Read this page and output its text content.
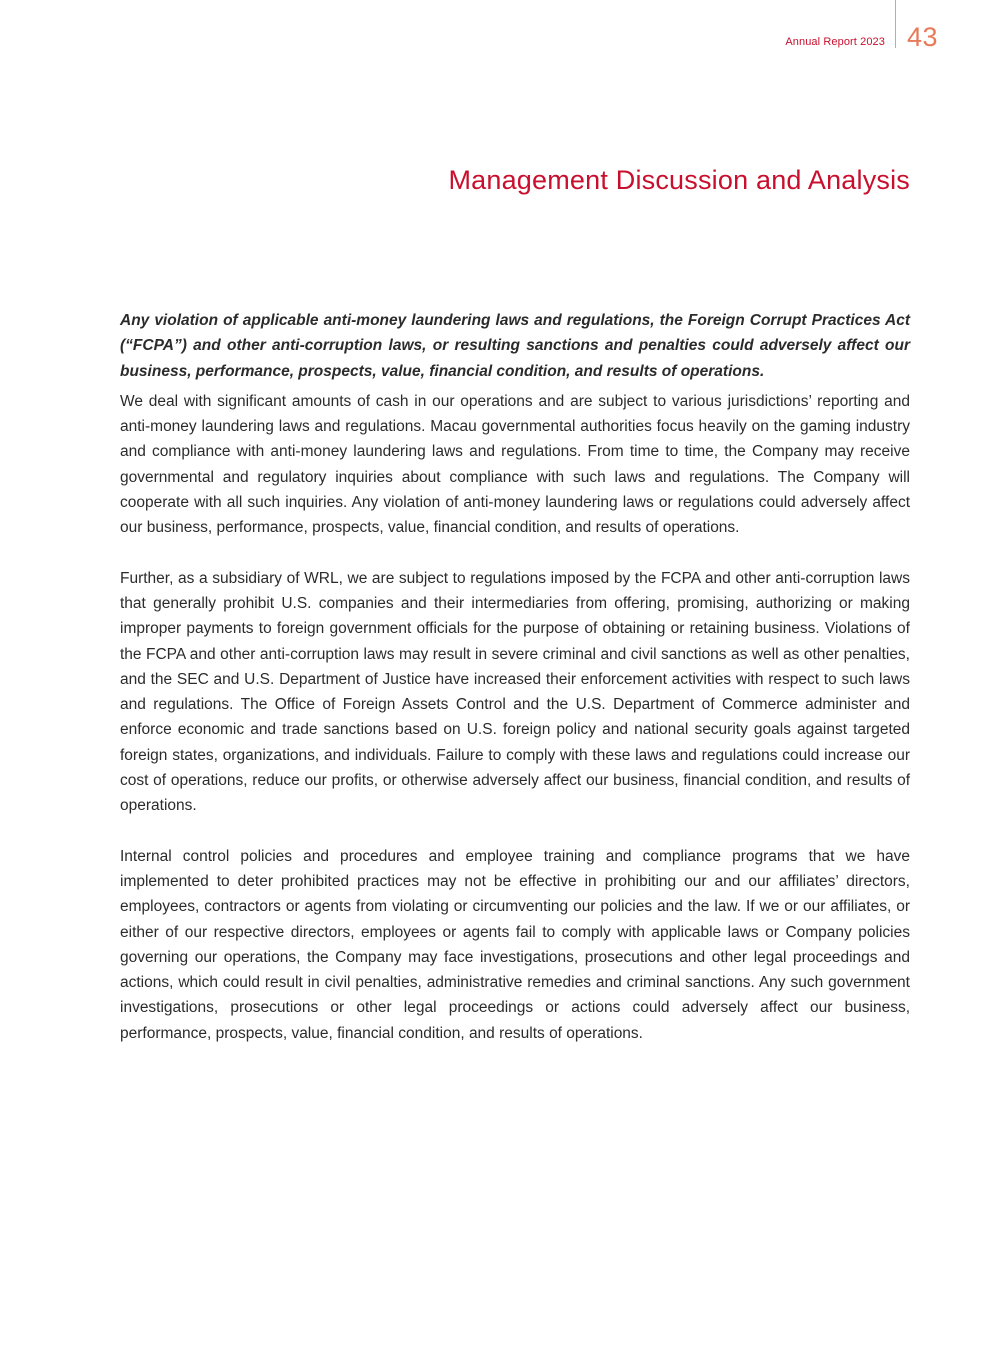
Annual Report 2023 43
Management Discussion and Analysis

Any violation of applicable anti-money laundering laws and regulations, the Foreign Corrupt Practices Act (“FCPA”) and other anti-corruption laws, or resulting sanctions and penalties could adversely affect our business, performance, prospects, value, financial condition, and results of operations.

We deal with significant amounts of cash in our operations and are subject to various jurisdictions’ reporting and anti-money laundering laws and regulations. Macau governmental authorities focus heavily on the gaming industry and compliance with anti-money laundering laws and regulations. From time to time, the Company may receive governmental and regulatory inquiries about compliance with such laws and regulations. The Company will cooperate with all such inquiries. Any violation of anti-money laundering laws or regulations could adversely affect our business, performance, prospects, value, financial condition, and results of operations.

Further, as a subsidiary of WRL, we are subject to regulations imposed by the FCPA and other anti-corruption laws that generally prohibit U.S. companies and their intermediaries from offering, promising, authorizing or making improper payments to foreign government officials for the purpose of obtaining or retaining business. Violations of the FCPA and other anti-corruption laws may result in severe criminal and civil sanctions as well as other penalties, and the SEC and U.S. Department of Justice have increased their enforcement activities with respect to such laws and regulations. The Office of Foreign Assets Control and the U.S. Department of Commerce administer and enforce economic and trade sanctions based on U.S. foreign policy and national security goals against targeted foreign states, organizations, and individuals. Failure to comply with these laws and regulations could increase our cost of operations, reduce our profits, or otherwise adversely affect our business, financial condition, and results of operations.

Internal control policies and procedures and employee training and compliance programs that we have implemented to deter prohibited practices may not be effective in prohibiting our and our affiliates’ directors, employees, contractors or agents from violating or circumventing our policies and the law. If we or our affiliates, or either of our respective directors, employees or agents fail to comply with applicable laws or Company policies governing our operations, the Company may face investigations, prosecutions and other legal proceedings and actions, which could result in civil penalties, administrative remedies and criminal sanctions. Any such government investigations, prosecutions or other legal proceedings or actions could adversely affect our business, performance, prospects, value, financial condition, and results of operations.
